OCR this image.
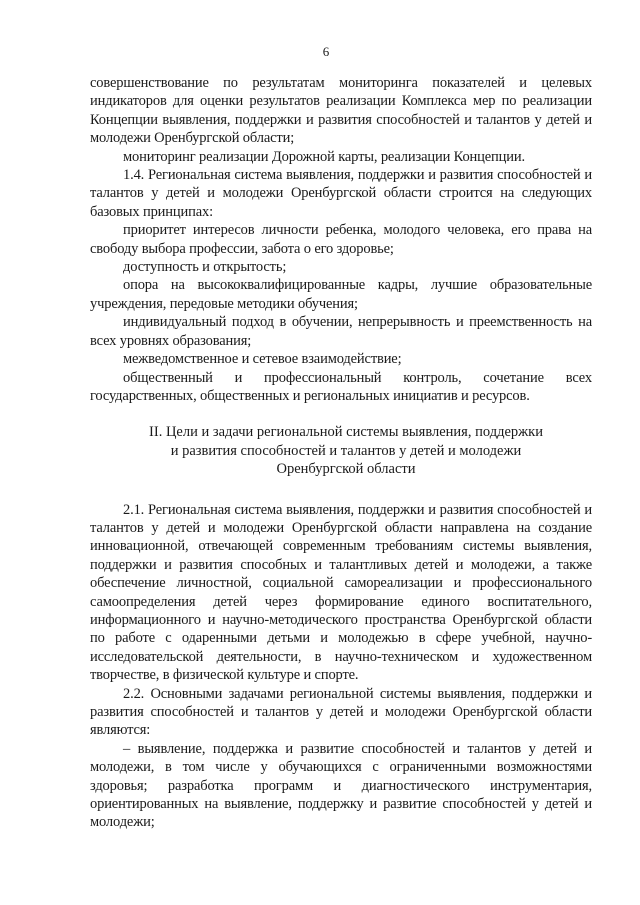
6

совершенствование по результатам мониторинга показателей и целевых индикаторов для оценки результатов реализации Комплекса мер по реализации Концепции выявления, поддержки и развития способностей и талантов у детей и молодежи Оренбургской области;

мониторинг реализации Дорожной карты, реализации Концепции.

1.4. Региональная система выявления, поддержки и развития способностей и талантов у детей и молодежи Оренбургской области строится на следующих базовых принципах:

приоритет интересов личности ребенка, молодого человека, его права на свободу выбора профессии, забота о его здоровье;

доступность и открытость;

опора на высококвалифицированные кадры, лучшие образовательные учреждения, передовые методики обучения;

индивидуальный подход в обучении, непрерывность и преемственность на всех уровнях образования;

межведомственное и сетевое взаимодействие;

общественный и профессиональный контроль, сочетание всех государственных, общественных и региональных инициатив и ресурсов.

II. Цели и задачи региональной системы выявления, поддержки
и развития способностей и талантов у детей и молодежи
Оренбургской области

2.1. Региональная система выявления, поддержки и развития способностей и талантов у детей и молодежи Оренбургской области направлена на создание инновационной, отвечающей современным требованиям системы выявления, поддержки и развития способных и талантливых детей и молодежи, а также обеспечение личностной, социальной самореализации и профессионального самоопределения детей через формирование единого воспитательного, информационного и научно-методического пространства Оренбургской области по работе с одаренными детьми и молодежью в сфере учебной, научно-исследовательской деятельности, в научно-техническом и художественном творчестве, в физической культуре и спорте.

2.2. Основными задачами региональной системы выявления, поддержки и развития способностей и талантов у детей и молодежи Оренбургской области являются:

– выявление, поддержка и развитие способностей и талантов у детей и молодежи, в том числе у обучающихся с ограниченными возможностями здоровья; разработка программ и диагностического инструментария, ориентированных на выявление, поддержку и развитие способностей у детей и молодежи;
